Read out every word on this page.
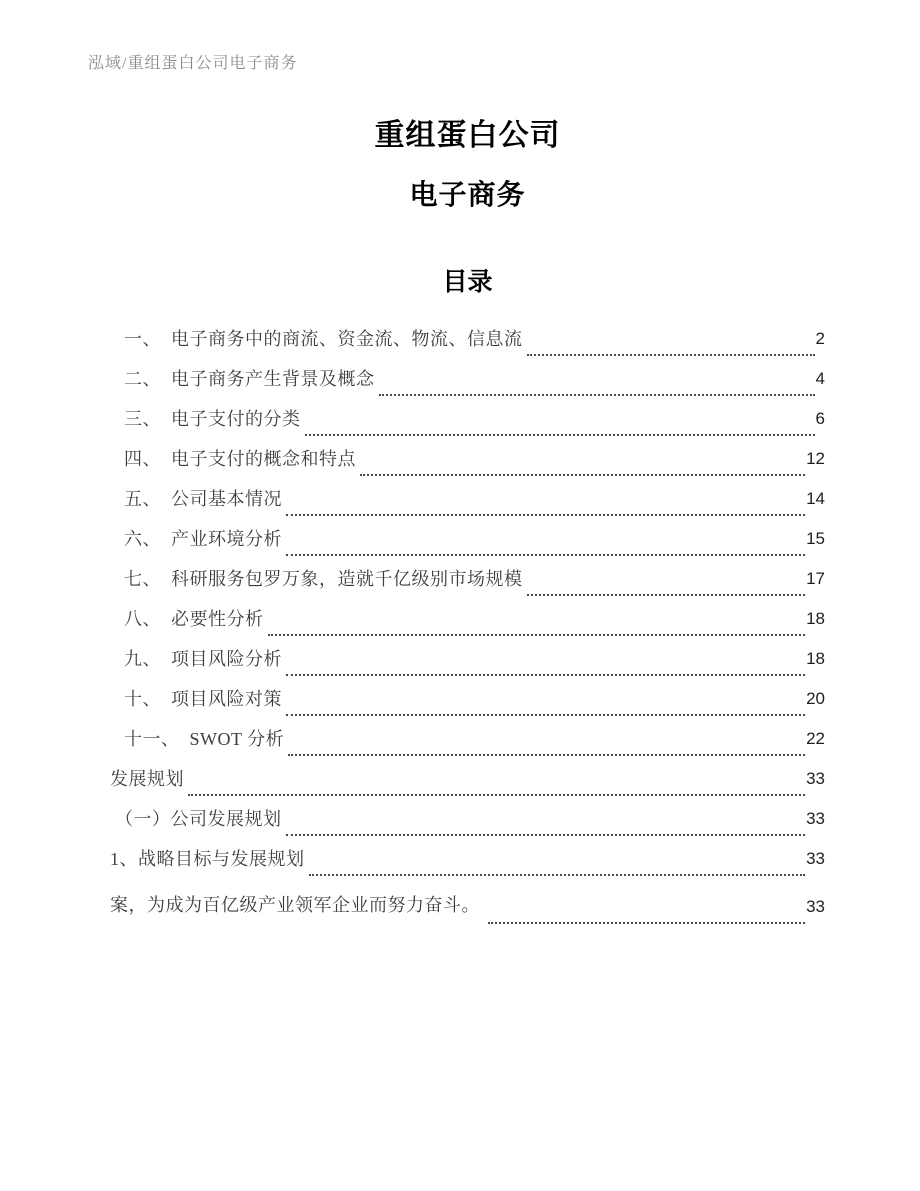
泓域/重组蛋白公司电子商务
重组蛋白公司
电子商务
目录
一、 电子商务中的商流、资金流、物流、信息流	2
二、 电子商务产生背景及概念	4
三、 电子支付的分类	6
四、 电子支付的概念和特点	12
五、 公司基本情况	14
六、 产业环境分析	15
七、 科研服务包罗万象，造就千亿级别市场规模	17
八、 必要性分析	18
九、 项目风险分析	18
十、 项目风险对策	20
十一、 SWOT 分析	22
发展规划	33
（一）公司发展规划	33
1、战略目标与发展规划	33
案，为成为百亿级产业领军企业而努力奋斗。	33
